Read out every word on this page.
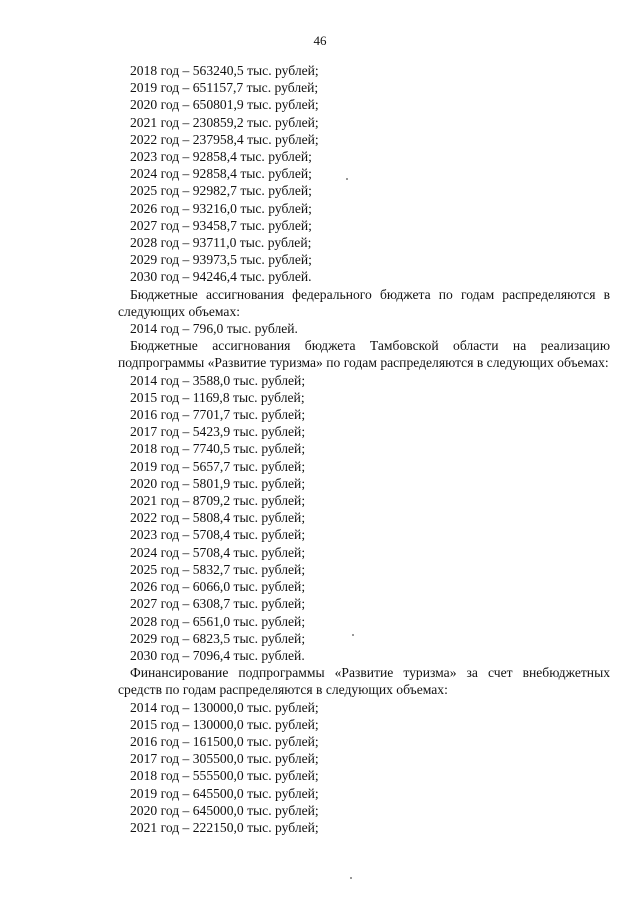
46
2018 год – 563240,5 тыс. рублей;
2019 год – 651157,7 тыс. рублей;
2020 год – 650801,9 тыс. рублей;
2021 год – 230859,2 тыс. рублей;
2022 год – 237958,4 тыс. рублей;
2023 год – 92858,4 тыс. рублей;
2024 год – 92858,4 тыс. рублей;
2025 год – 92982,7 тыс. рублей;
2026 год – 93216,0 тыс. рублей;
2027 год – 93458,7 тыс. рублей;
2028 год – 93711,0 тыс. рублей;
2029 год – 93973,5 тыс. рублей;
2030 год – 94246,4 тыс. рублей.
Бюджетные ассигнования федерального бюджета по годам распределяются в следующих объемах:
2014 год – 796,0 тыс. рублей.
Бюджетные ассигнования бюджета Тамбовской области на реализацию подпрограммы «Развитие туризма» по годам распределяются в следующих объемах:
2014 год – 3588,0 тыс. рублей;
2015 год – 1169,8 тыс. рублей;
2016 год – 7701,7 тыс. рублей;
2017 год – 5423,9 тыс. рублей;
2018 год – 7740,5 тыс. рублей;
2019 год – 5657,7 тыс. рублей;
2020 год – 5801,9 тыс. рублей;
2021 год – 8709,2 тыс. рублей;
2022 год – 5808,4 тыс. рублей;
2023 год – 5708,4 тыс. рублей;
2024 год – 5708,4 тыс. рублей;
2025 год – 5832,7 тыс. рублей;
2026 год – 6066,0 тыс. рублей;
2027 год – 6308,7 тыс. рублей;
2028 год – 6561,0 тыс. рублей;
2029 год – 6823,5 тыс. рублей;
2030 год – 7096,4 тыс. рублей.
Финансирование подпрограммы «Развитие туризма» за счет внебюджетных средств по годам распределяются в следующих объемах:
2014 год – 130000,0 тыс. рублей;
2015 год – 130000,0 тыс. рублей;
2016 год – 161500,0 тыс. рублей;
2017 год – 305500,0 тыс. рублей;
2018 год – 555500,0 тыс. рублей;
2019 год – 645500,0 тыс. рублей;
2020 год – 645000,0 тыс. рублей;
2021 год – 222150,0 тыс. рублей;
